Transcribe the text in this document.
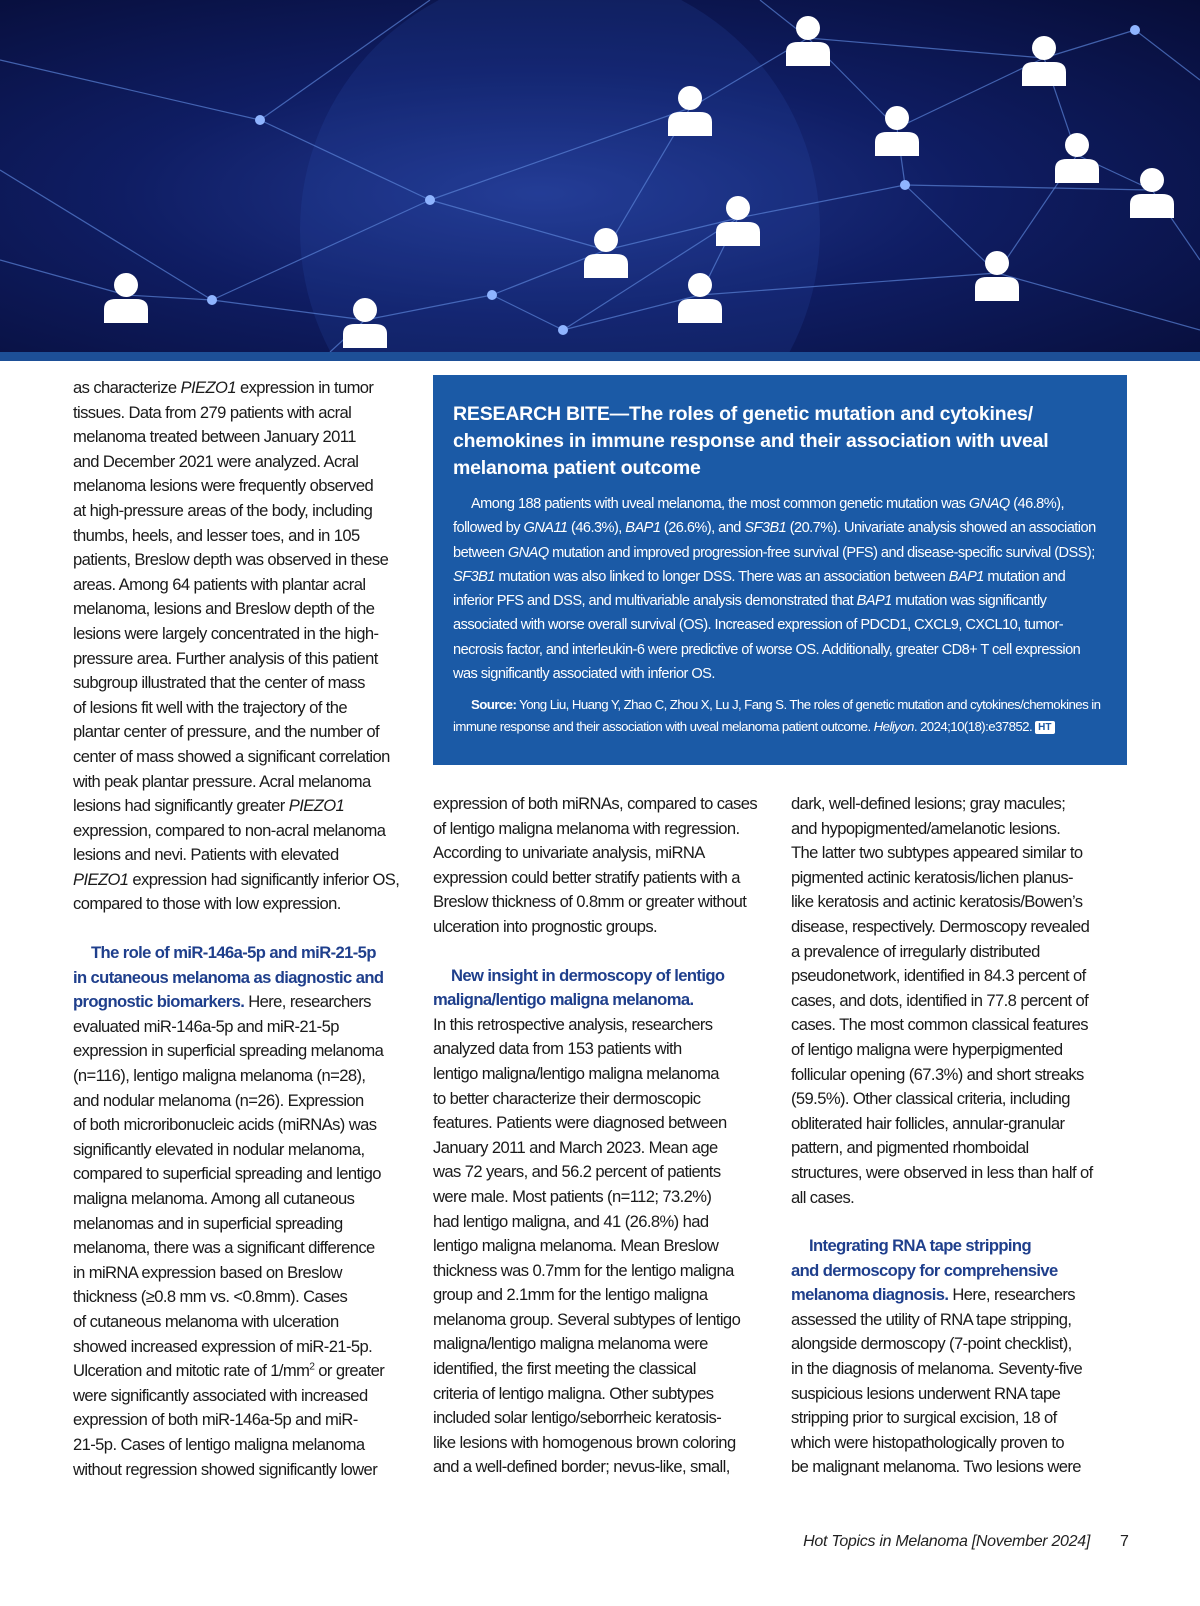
as characterize PIEZO1 expression in tumor
tissues. Data from 279 patients with acral
melanoma treated between January 2011
and December 2021 were analyzed. Acral
melanoma lesions were frequently observed
at high-pressure areas of the body, including
thumbs, heels, and lesser toes, and in 105
patients, Breslow depth was observed in these
areas. Among 64 patients with plantar acral
melanoma, lesions and Breslow depth of the
lesions were largely concentrated in the high-
pressure area. Further analysis of this patient
subgroup illustrated that the center of mass
of lesions fit well with the trajectory of the
plantar center of pressure, and the number of
center of mass showed a significant correlation
with peak plantar pressure. Acral melanoma
lesions had significantly greater PIEZO1
expression, compared to non-acral melanoma
lesions and nevi. Patients with elevated
PIEZO1 expression had significantly inferior OS,
compared to those with low expression.

The role of miR-146a-5p and miR-21-5p
in cutaneous melanoma as diagnostic and
prognostic biomarkers. Here, researchers
evaluated miR-146a-5p and miR-21-5p
expression in superficial spreading melanoma
(n=116), lentigo maligna melanoma (n=28),
and nodular melanoma (n=26). Expression
of both microribonucleic acids (miRNAs) was
significantly elevated in nodular melanoma,
compared to superficial spreading and lentigo
maligna melanoma. Among all cutaneous
melanomas and in superficial spreading
melanoma, there was a significant difference
in miRNA expression based on Breslow
thickness (≥0.8 mm vs. <0.8mm). Cases
of cutaneous melanoma with ulceration
showed increased expression of miR-21-5p.
Ulceration and mitotic rate of $1/mm^2$ or greater
were significantly associated with increased
expression of both miR-146a-5p and miR-
21-5p. Cases of lentigo maligna melanoma
without regression showed significantly lower

RESEARCH BITE—The roles of genetic mutation and cytokines/ chemokines in immune response and their association with uveal melanoma patient outcome

Among 188 patients with uveal melanoma, the most common genetic mutation was GNAQ (46.8%), followed by GNA11 (46.3%), BAP1 (26.6%), and SF3B1 (20.7%). Univariate analysis showed an association between GNAQ mutation and improved progression-free survival (PFS) and disease-specific survival (DSS); SF3B1 mutation was also linked to longer DSS. There was an association between BAP1 mutation and inferior PFS and DSS, and multivariable analysis demonstrated that BAP1 mutation was significantly associated with worse overall survival (OS). Increased expression of PDCD1, CXCL9, CXCL10, tumor-necrosis factor, and interleukin-6 were predictive of worse OS. Additionally, greater CD8+ T cell expression was significantly associated with inferior OS.

Source: Yong Liu, Huang Y, Zhao C, Zhou X, Lu J, Fang S. The roles of genetic mutation and cytokines/chemokines in immune response and their association with uveal melanoma patient outcome. Heliyon. 2024;10(18):e37852. HT

expression of both miRNAs, compared to cases
of lentigo maligna melanoma with regression.
According to univariate analysis, miRNA
expression could better stratify patients with a
Breslow thickness of 0.8mm or greater without
ulceration into prognostic groups.

New insight in dermoscopy of lentigo
maligna/lentigo maligna melanoma.
In this retrospective analysis, researchers
analyzed data from 153 patients with
lentigo maligna/lentigo maligna melanoma
to better characterize their dermoscopic
features. Patients were diagnosed between
January 2011 and March 2023. Mean age
was 72 years, and 56.2 percent of patients
were male. Most patients (n=112; 73.2%)
had lentigo maligna, and 41 (26.8%) had
lentigo maligna melanoma. Mean Breslow
thickness was 0.7mm for the lentigo maligna
group and 2.1mm for the lentigo maligna
melanoma group. Several subtypes of lentigo
maligna/lentigo maligna melanoma were
identified, the first meeting the classical
criteria of lentigo maligna. Other subtypes
included solar lentigo/seborrheic keratosis-
like lesions with homogenous brown coloring
and a well-defined border; nevus-like, small,

dark, well-defined lesions; gray macules;
and hypopigmented/amelanotic lesions.
The latter two subtypes appeared similar to
pigmented actinic keratosis/lichen planus-
like keratosis and actinic keratosis/Bowen’s
disease, respectively. Dermoscopy revealed
a prevalence of irregularly distributed
pseudonetwork, identified in 84.3 percent of
cases, and dots, identified in 77.8 percent of
cases. The most common classical features
of lentigo maligna were hyperpigmented
follicular opening (67.3%) and short streaks
(59.5%). Other classical criteria, including
obliterated hair follicles, annular-granular
pattern, and pigmented rhomboidal
structures, were observed in less than half of
all cases.

Integrating RNA tape stripping
and dermoscopy for comprehensive
melanoma diagnosis. Here, researchers
assessed the utility of RNA tape stripping,
alongside dermoscopy (7-point checklist),
in the diagnosis of melanoma. Seventy-five
suspicious lesions underwent RNA tape
stripping prior to surgical excision, 18 of
which were histopathologically proven to
be malignant melanoma. Two lesions were

Hot Topics in Melanoma [November 2024] 7
